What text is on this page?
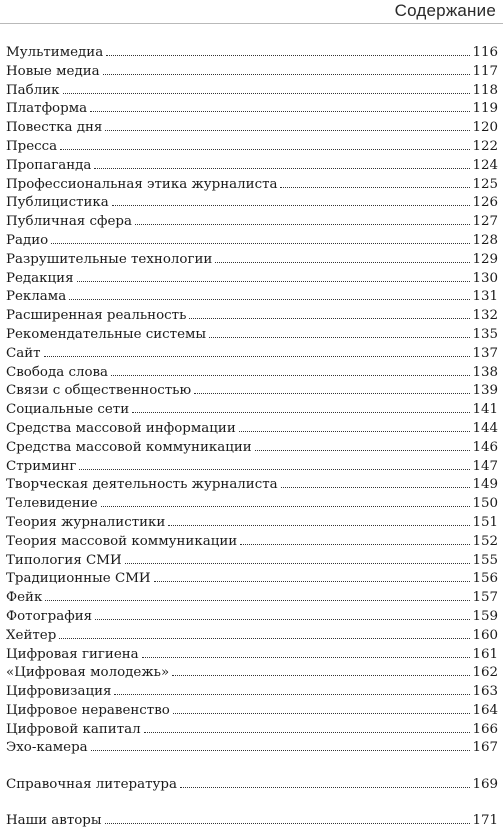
Содержание
Мультимедиа	116
Новые медиа	117
Паблик	118
Платформа	119
Повестка дня	120
Пресса	122
Пропаганда	124
Профессиональная этика журналиста	125
Публицистика	126
Публичная сфера	127
Радио	128
Разрушительные технологии	129
Редакция	130
Реклама	131
Расширенная реальность	132
Рекомендательные системы	135
Сайт	137
Свобода слова	138
Связи с общественностью	139
Социальные сети	141
Средства массовой информации	144
Средства массовой коммуникации	146
Стриминг	147
Творческая деятельность журналиста	149
Телевидение	150
Теория журналистики	151
Теория массовой коммуникации	152
Типология СМИ	155
Традиционные СМИ	156
Фейк	157
Фотография	159
Хейтер	160
Цифровая гигиена	161
«Цифровая молодежь»	162
Цифровизация	163
Цифровое неравенство	164
Цифровой капитал	166
Эхо-камера	167
Справочная литература	169
Наши авторы	171
